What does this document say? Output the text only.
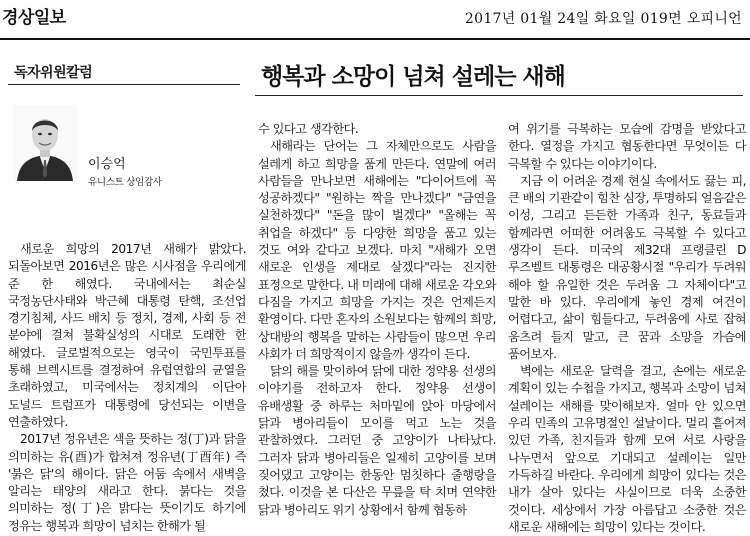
경상일보	2017년 01월 24일 화요일 019면 오피니언
독자위원칼럼	행복과 소망이 넘쳐 설레는 새해
이승억
유니스트 상임감사

새로운 희망의 2017년 새해가 밝았다. 되돌아보면 2016년은 많은 시사점을 우리에게 준 한 해였다. 국내에서는 최순실 국정농단사태와 박근혜 대통령 탄핵, 조선업 경기침체, 사드 배치 등 정치, 경제, 사회 등 전 분야에 걸쳐 불확실성의 시대로 도래한 한 해였다. 글로벌적으로는 영국이 국민투표를 통해 브렉시트를 결정하여 유럽연합의 균열을 초래하였고, 미국에서는 정치계의 이단아 도널드 트럼프가 대통령에 당선되는 이변을 연출하였다.

2017년 정유년은 색을 뜻하는 정(丁)과 닭을 의미하는 유(酉)가 합쳐져 정유년(丁酉年) 즉 '붉은 닭'의 해이다. 닭은 어둠 속에서 새벽을 알리는 태양의 새라고 한다. 붉다는 것을 의미하는 정(丁)은 밝다는 뜻이기도 하기에 정유는 행복과 희망이 넘치는 한해가 될

수 있다고 생각한다.

새해라는 단어는 그 자체만으로도 사람을 설레게 하고 희망을 품게 만든다. 연말에 여러 사람들을 만나보면 새해에는 "다이어트에 꼭 성공하겠다" "원하는 짝을 만나겠다" "금연을 실천하겠다" "돈을 많이 벌겠다" "올해는 꼭 취업을 하겠다" 등 다양한 희망을 품고 있는 것도 여와 같다고 보겠다. 마치 "새해가 오면 새로운 인생을 제대로 살겠다"라는 진지한 표정으로 말한다. 내 미래에 대해 새로운 각오와 다짐을 가지고 희망을 가지는 것은 언제든지 환영이다. 다만 혼자의 소원보다는 함께의 희망, 상대방의 행복을 말하는 사람들이 많으면 우리 사회가 더 희망적이지 않을까 생각이 든다.

닭의 해를 맞이하여 닭에 대한 정약용 선생의 이야기를 전하고자 한다. 정약용 선생이 유배생활 중 하루는 처마밑에 앉아 마당에서 닭과 병아리들이 모이를 먹고 노는 것을 관찰하였다. 그러던 중 고양이가 나타났다. 그러자 닭과 병아리들은 일제히 고양이를 보며 짖어댔고 고양이는 한동안 멈칫하다 줄행랑을 쳤다. 이것을 본 다산은 무릎을 탁 치며 연약한 닭과 병아리도 위기 상황에서 함께 협동하

여 위기를 극복하는 모습에 감명을 받았다고 한다. 열정을 가지고 협동한다면 무엇이든 다 극복할 수 있다는 이야기이다.

지금 이 어려운 경제 현실 속에서도 끓는 피, 큰 배의 기관같이 힘찬 심장, 투명하되 얼음같은 이성, 그리고 든든한 가족과 친구, 동료들과 함께라면 어떠한 어려움도 극복할 수 있다고 생각이 든다. 미국의 제32대 프랭클린 D 루즈벨트 대통령은 대공황시절 "우리가 두려워 해야 할 유일한 것은 두려움 그 자체이다"고 말한 바 있다. 우리에게 놓인 경제 여건이 어렵다고, 삶이 힘들다고, 두려움에 사로 잡혀 움츠려 들지 말고, 큰 꿈과 소망을 가슴에 품어보자.

벽에는 새로운 달력을 걸고, 손에는 새로운 계획이 있는 수첩을 가지고, 행복과 소망이 넘쳐 설레이는 새해를 맞이해보자. 얼마 안 있으면 우리 민족의 고유명절인 설날이다. 멀리 흩어져 있던 가족, 친지들과 함께 모여 서로 사랑을 나누면서 앞으로 기대되고 설레이는 일만 가득하길 바란다. 우리에게 희망이 있다는 것은 내가 살아 있다는 사실이므로 더욱 소중한 것이다. 세상에서 가장 아름답고 소중한 것은 새로운 새해에는 희망이 있다는 것이다.
